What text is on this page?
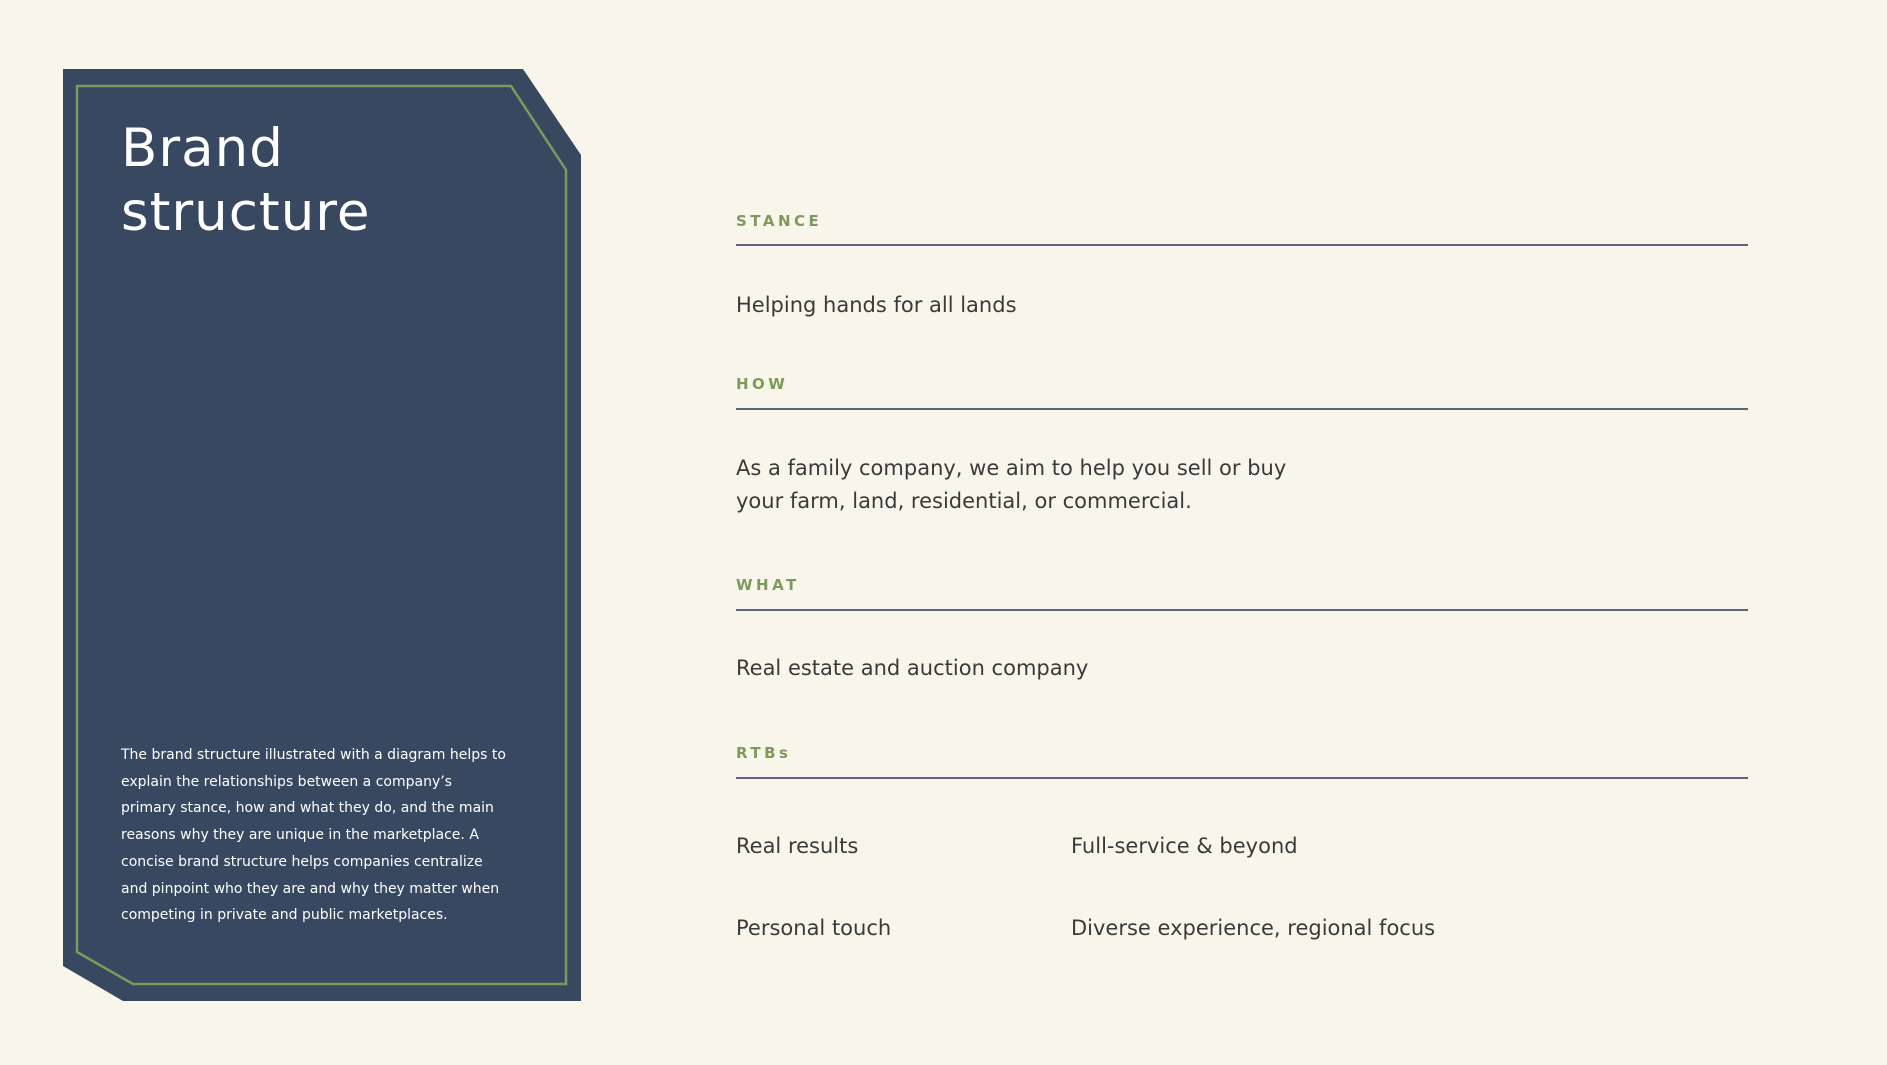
Brand
structure

The brand structure illustrated with a diagram helps to explain the relationships between a company’s primary stance, how and what they do, and the main reasons why they are unique in the marketplace. A concise brand structure helps companies centralize and pinpoint who they are and why they matter when competing in private and public marketplaces.

STANCE

Helping hands for all lands

HOW
As a family company, we aim to help you sell or buy
your farm, land, residential, or commercial.
WHAT

Real estate and auction company

RTBs

Real results	Full-service & beyond

Personal touch	Diverse experience, regional focus
